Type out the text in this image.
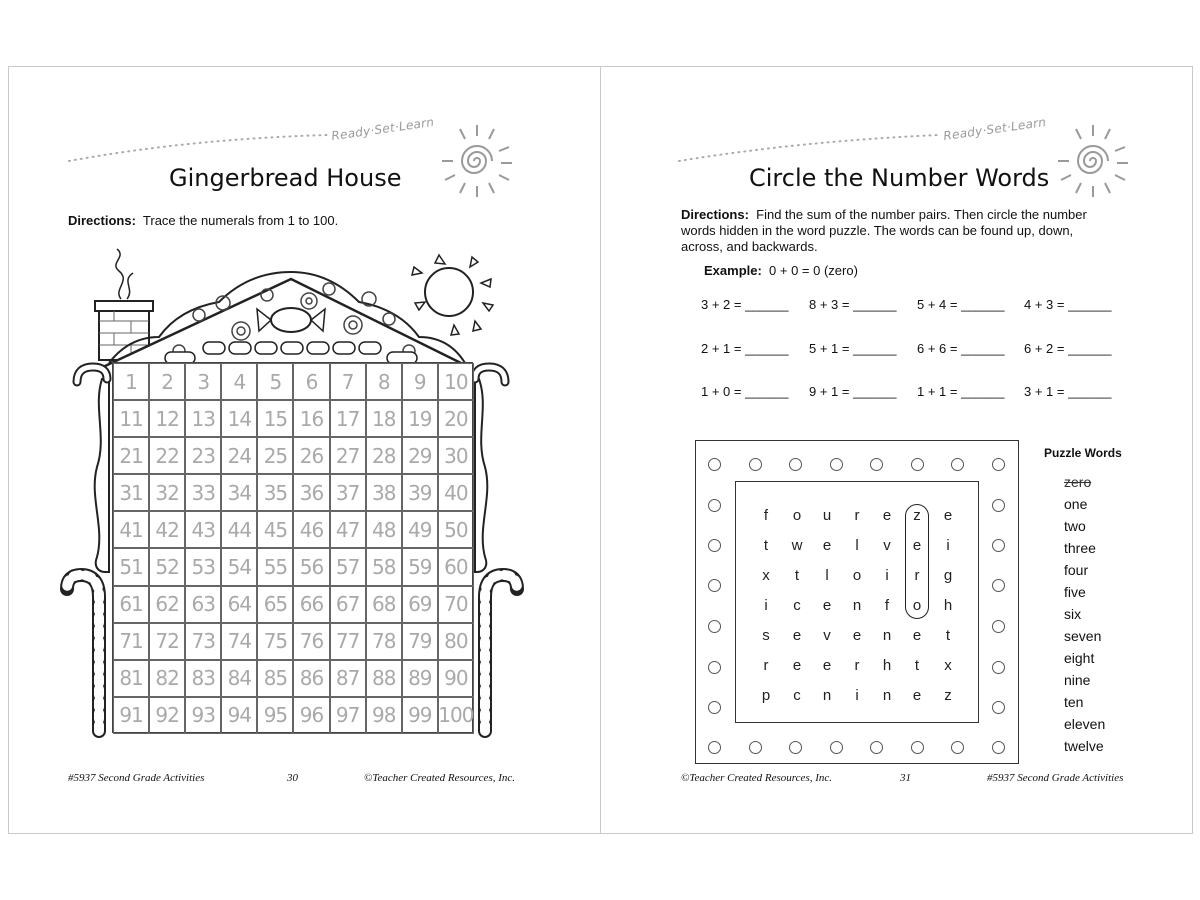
Ready·Set·Learn
Gingerbread House
Directions: Trace the numerals from 1 to 100.
1	2	3	4	5	6	7	8	9 10
11 12 13 14 15 16 17 18 19 20
21 22 23 24 25 26 27 28 29 30
31 32 33 34 35 36 37 38 39 40
41 42 43 44 45 46 47 48 49 50
51 52 53 54 55 56 57 58 59 60
61 62 63 64 65 66 67 68 69 70
71 72 73 74 75 76 77 78 79 80
81 82 83 84 85 86 87 88 89 90
91 92 93 94 95 96 97 98 99 100
#5937 Second Grade Activities	30	©Teacher Created Resources, Inc.
Ready·Set·Learn
Circle the Number Words
Directions: Find the sum of the number pairs. Then circle the number
words hidden in the word puzzle. The words can be found up, down,
across, and backwards.
Example: 0 + 0 = 0 (zero)
3 + 2 = ______ 8 + 3 = ______ 5 + 4 = ______ 4 + 3 = ______
2 + 1 = ______ 5 + 1 = ______ 6 + 6 = ______ 6 + 2 = ______
1 + 0 = ______ 9 + 1 = ______ 1 + 1 = ______ 3 + 1 = ______
f	o	u	r	e	z	e
t	w	e	l	v	e	i
x	t	l	o	i	r	g
i	c	e	n	f	o	h
s	e	v	e	n	e	t
r	e	e	r	h	t	x
p	c	n	i	n	e	z
Puzzle Words
zero
one
two
three
four
five
six
seven
eight
nine
ten
eleven
twelve
©Teacher Created Resources, Inc.	31	#5937 Second Grade Activities
